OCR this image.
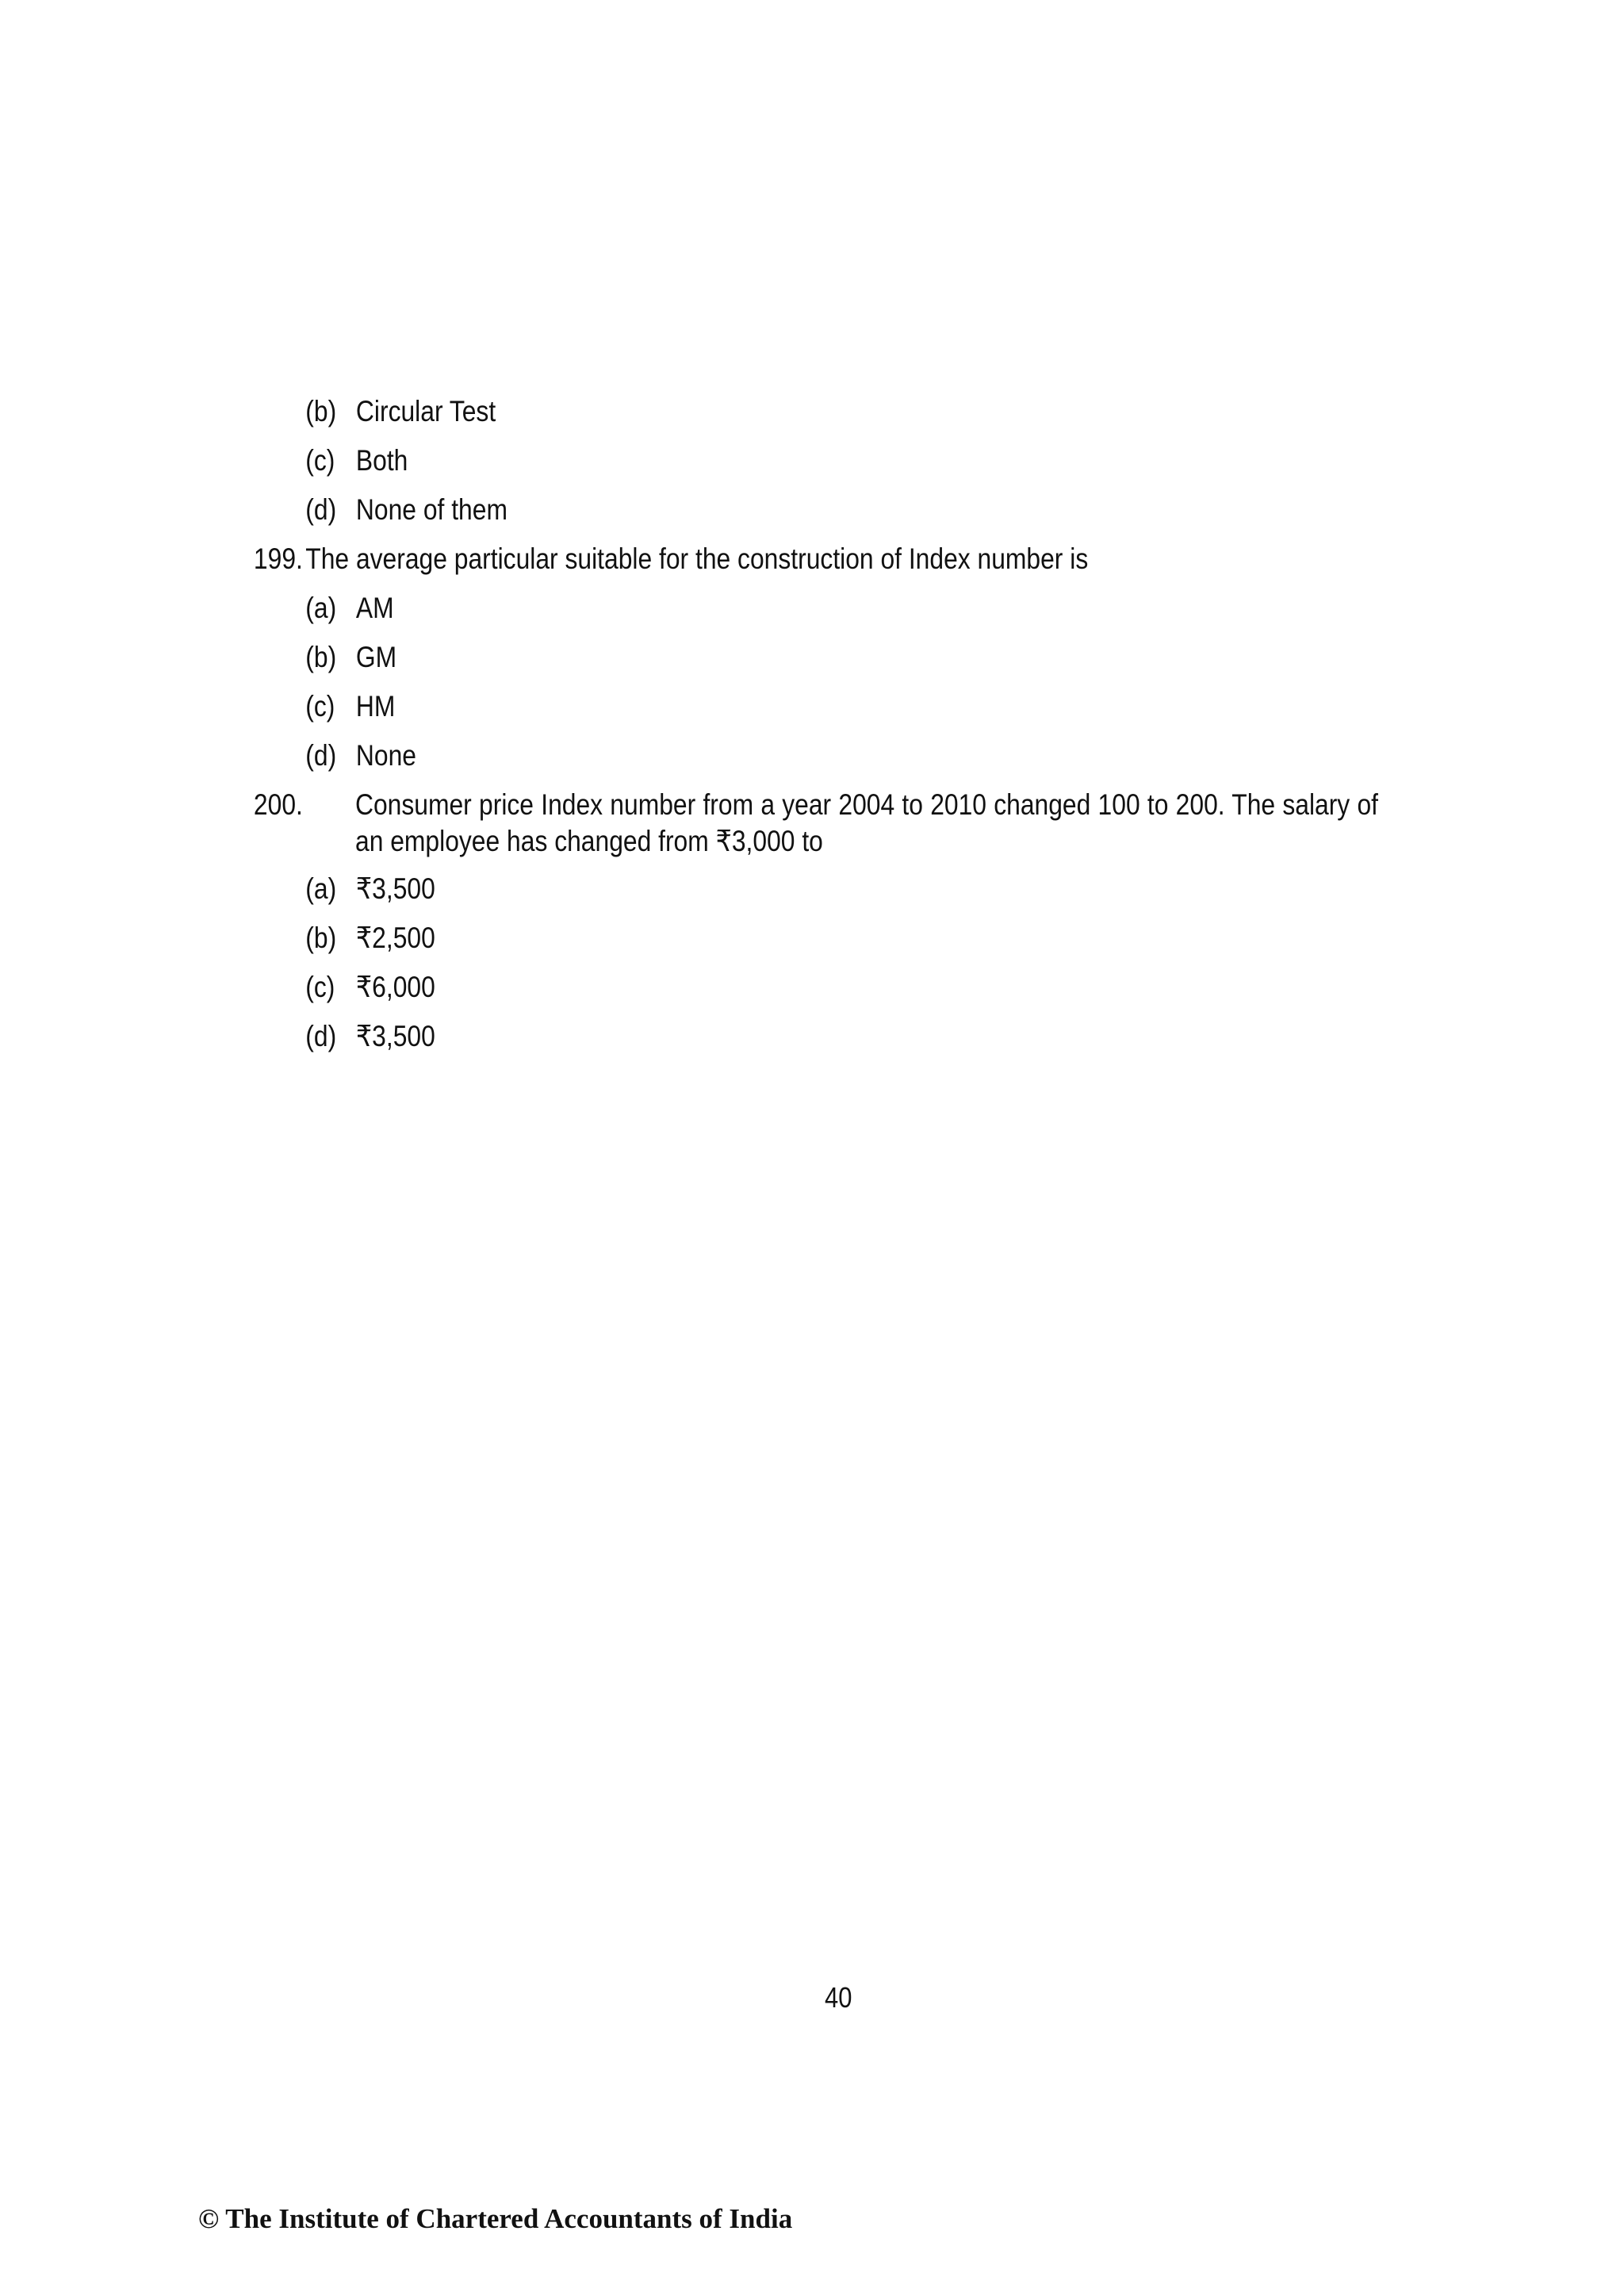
(b) Circular Test
(c) Both
(d) None of them
199. The average particular suitable for the construction of Index number is
(a) AM
(b) GM
(c) HM
(d) None
200. Consumer price Index number from a year 2004 to 2010 changed 100 to 200. The salary of
an employee has changed from ₹3,000 to
(a) ₹3,500
(b) ₹2,500
(c) ₹6,000
(d) ₹3,500
40
© The Institute of Chartered Accountants of India
